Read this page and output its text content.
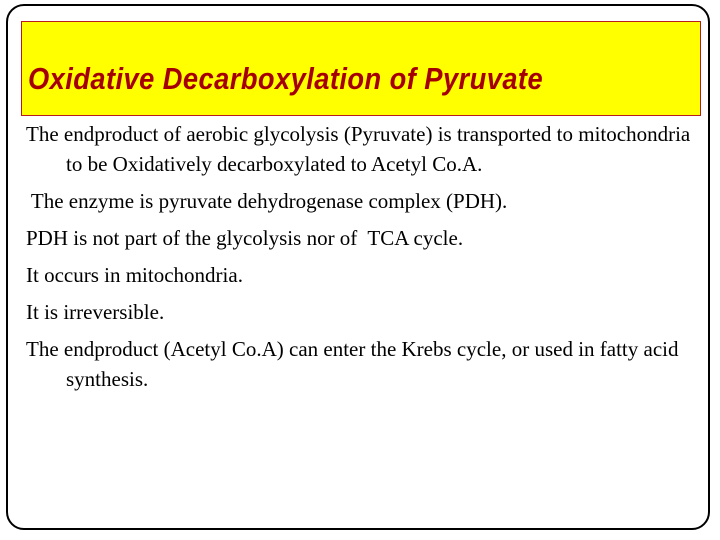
Oxidative Decarboxylation of Pyruvate
The endproduct of aerobic glycolysis (Pyruvate) is transported to mitochondria to be Oxidatively decarboxylated to Acetyl Co.A.
The enzyme is pyruvate dehydrogenase complex (PDH).
PDH is not part of the glycolysis nor of  TCA cycle.
It occurs in mitochondria.
It is irreversible.
The endproduct (Acetyl Co.A) can enter the Krebs cycle, or used in fatty acid synthesis.
